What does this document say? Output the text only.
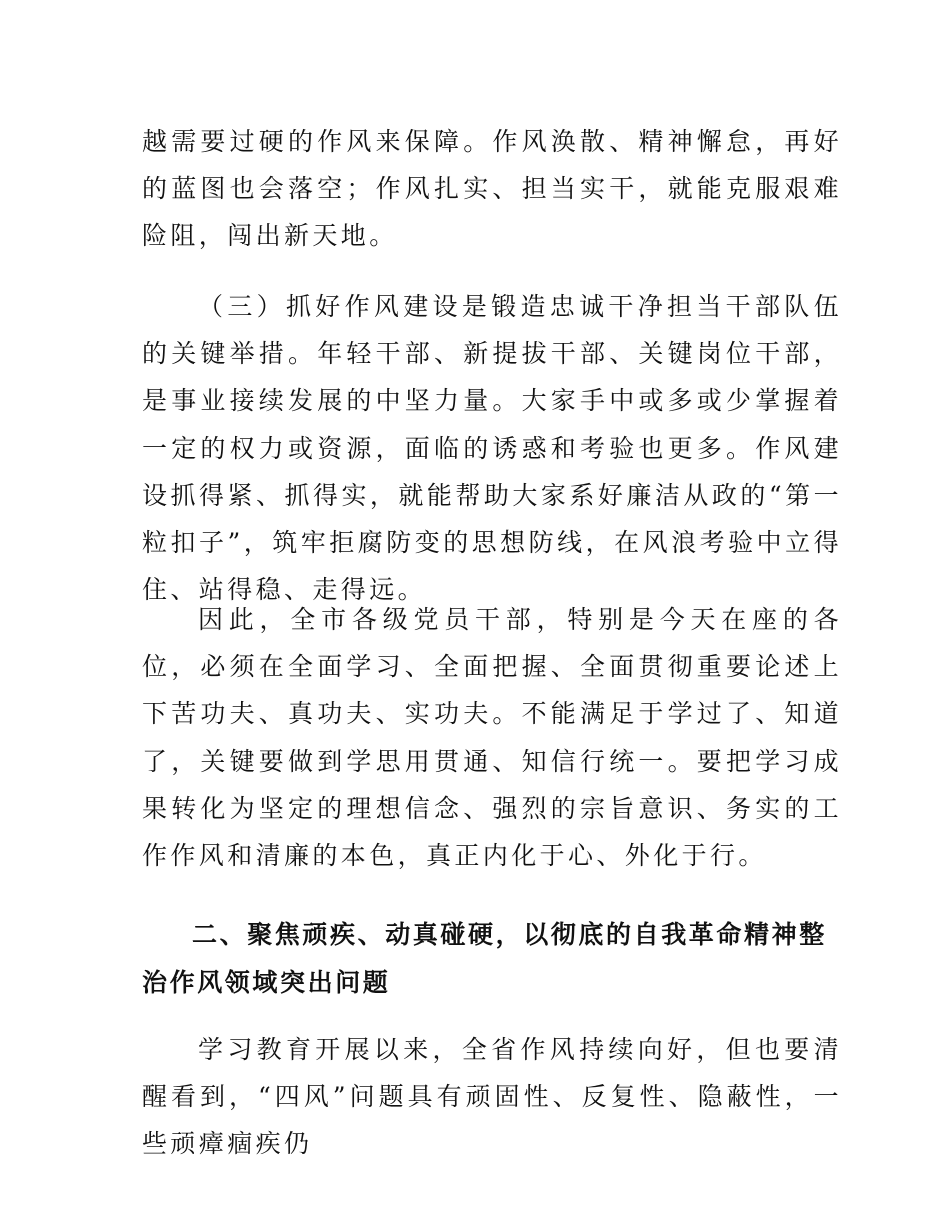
越需要过硬的作风来保障。作风涣散、精神懈怠，再好的蓝图也会落空；作风扎实、担当实干，就能克服艰难险阻，闯出新天地。

（三）抓好作风建设是锻造忠诚干净担当干部队伍的关键举措。年轻干部、新提拔干部、关键岗位干部，是事业接续发展的中坚力量。大家手中或多或少掌握着一定的权力或资源，面临的诱惑和考验也更多。作风建设抓得紧、抓得实，就能帮助大家系好廉洁从政的“第一粒扣子”，筑牢拒腐防变的思想防线，在风浪考验中立得住、站得稳、走得远。

因此，全市各级党员干部，特别是今天在座的各位，必须在全面学习、全面把握、全面贯彻重要论述上下苦功夫、真功夫、实功夫。不能满足于学过了、知道了，关键要做到学思用贯通、知信行统一。要把学习成果转化为坚定的理想信念、强烈的宗旨意识、务实的工作作风和清廉的本色，真正内化于心、外化于行。

二、聚焦顽疾、动真碰硬，以彻底的自我革命精神整治作风领域突出问题

学习教育开展以来，全省作风持续向好，但也要清醒看到，“四风”问题具有顽固性、反复性、隐蔽性，一些顽瘴痼疾仍
